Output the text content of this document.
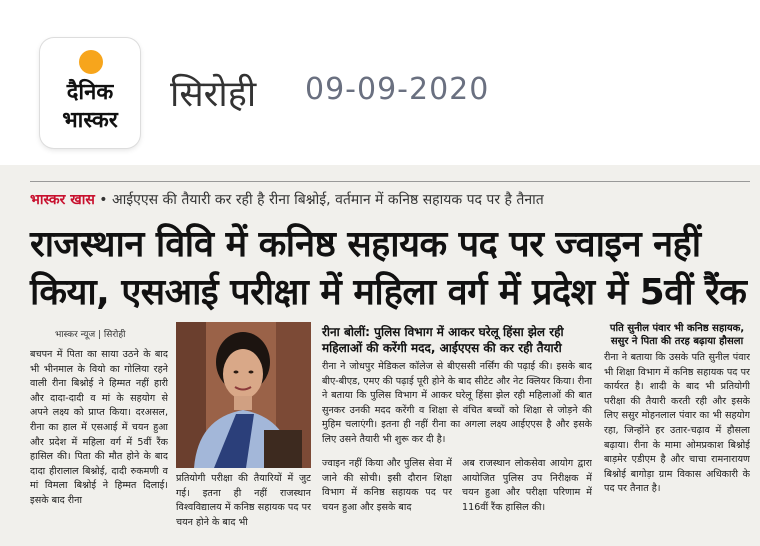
दैनिक
भास्कर
सिरोही 09-09-2020
भास्कर खास • आईएएस की तैयारी कर रही है रीना बिश्नोई, वर्तमान में कनिष्ठ सहायक पद पर है तैनात
राजस्थान विवि में कनिष्ठ सहायक पद पर ज्वाइन नहीं
किया, एसआई परीक्षा में महिला वर्ग में प्रदेश में 5वीं रैंक
भास्कर न्यूज | सिरोही
बचपन में पिता का साया उठने के बाद भी भीनमाल के वियो का गोलिया रहने वाली रीना बिश्नोई ने हिम्मत नहीं हारी और दादा-दादी व मां के सहयोग से अपने लक्ष्य को प्राप्त किया। दरअसल, रीना का हाल में एसआई में चयन हुआ और प्रदेश में महिला वर्ग में 5वीं रैंक हासिल की। पिता की मौत होने के बाद दादा हीरालाल बिश्नोई, दादी रुकमणी व मां विमला बिश्नोई ने हिम्मत दिलाई। इसके बाद रीना
प्रतियोगी परीक्षा की तैयारियों में जुट गई। इतना ही नहीं राजस्थान विश्वविद्यालय में कनिष्ठ सहायक पद पर चयन होने के बाद भी
रीना बोलीं: पुलिस विभाग में आकर घरेलू हिंसा झेल रही महिलाओं की करेंगी मदद, आईएएस की कर रही तैयारी
रीना ने जोधपुर मेडिकल कॉलेज से बीएससी नर्सिंग की पढ़ाई की। इसके बाद बीए-बीएड, एमए की पढ़ाई पूरी होने के बाद सीटेट और नेट क्लियर किया। रीना ने बताया कि पुलिस विभाग में आकर घरेलू हिंसा झेल रही महिलाओं की बात सुनकर उनकी मदद करेंगी व शिक्षा से वंचित बच्चों को शिक्षा से जोड़ने की मुहिम चलाएंगी। इतना ही नहीं रीना का अगला लक्ष्य आईएएस है और इसके लिए उसने तैयारी भी शुरू कर दी है।
ज्वाइन नहीं किया और पुलिस सेवा में जाने की सोची। इसी दौरान शिक्षा विभाग में कनिष्ठ सहायक पद पर चयन हुआ और इसके बाद
अब राजस्थान लोकसेवा आयोग द्वारा आयोजित पुलिस उप निरीक्षक में चयन हुआ और परीक्षा परिणाम में 116वीं रैंक हासिल की।
पति सुनील पंवार भी कनिष्ठ सहायक, ससुर ने पिता की तरह बढ़ाया हौसला
रीना ने बताया कि उसके पति सुनील पंवार भी शिक्षा विभाग में कनिष्ठ सहायक पद पर कार्यरत है। शादी के बाद भी प्रतियोगी परीक्षा की तैयारी करती रही और इसके लिए ससुर मोहनलाल पंवार का भी सहयोग रहा, जिन्होंने हर उतार-चढ़ाव में हौसला बढ़ाया। रीना के मामा ओमप्रकाश बिश्नोई बाड़मेर एडीएम है और चाचा रामनारायण बिश्नोई बागोड़ा ग्राम विकास अधिकारी के पद पर तैनात है।
